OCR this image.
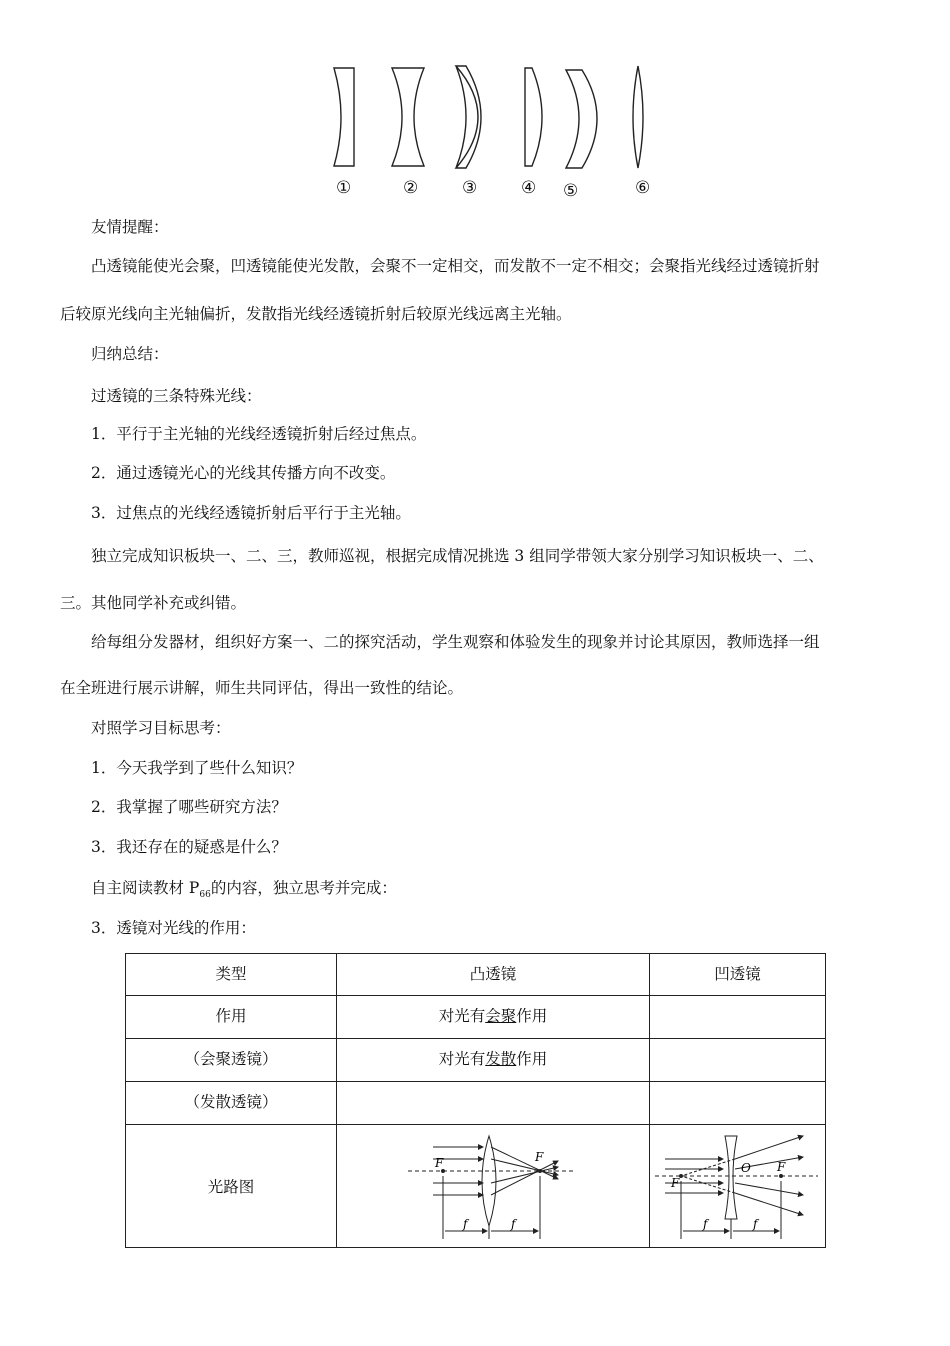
①	②	③	④ ⑤	⑥
友情提醒：
凸透镜能使光会聚，凹透镜能使光发散，会聚不一定相交，而发散不一定不相交；会聚指光线经过透镜折射
后较原光线向主光轴偏折，发散指光线经透镜折射后较原光线远离主光轴。
归纳总结：
过透镜的三条特殊光线：
1．平行于主光轴的光线经透镜折射后经过焦点。
2．通过透镜光心的光线其传播方向不改变。
3．过焦点的光线经透镜折射后平行于主光轴。
独立完成知识板块一、二、三，教师巡视，根据完成情况挑选 3 组同学带领大家分别学习知识板块一、二、
三。其他同学补充或纠错。
给每组分发器材，组织好方案一、二的探究活动，学生观察和体验发生的现象并讨论其原因，教师选择一组
在全班进行展示讲解，师生共同评估，得出一致性的结论。
对照学习目标思考：
1．今天我学到了些什么知识？
2．我掌握了哪些研究方法？
3．我还存在的疑惑是什么？
自主阅读教材 $P_{66}$的内容，独立思考并完成：
3．透镜对光线的作用：
类型	凸透镜	凹透镜
作用	对光有会聚作用	
（会聚透镜）	对光有发散作用	
（发散透镜）		
光路图	F F
f f	F
F
O
f f
